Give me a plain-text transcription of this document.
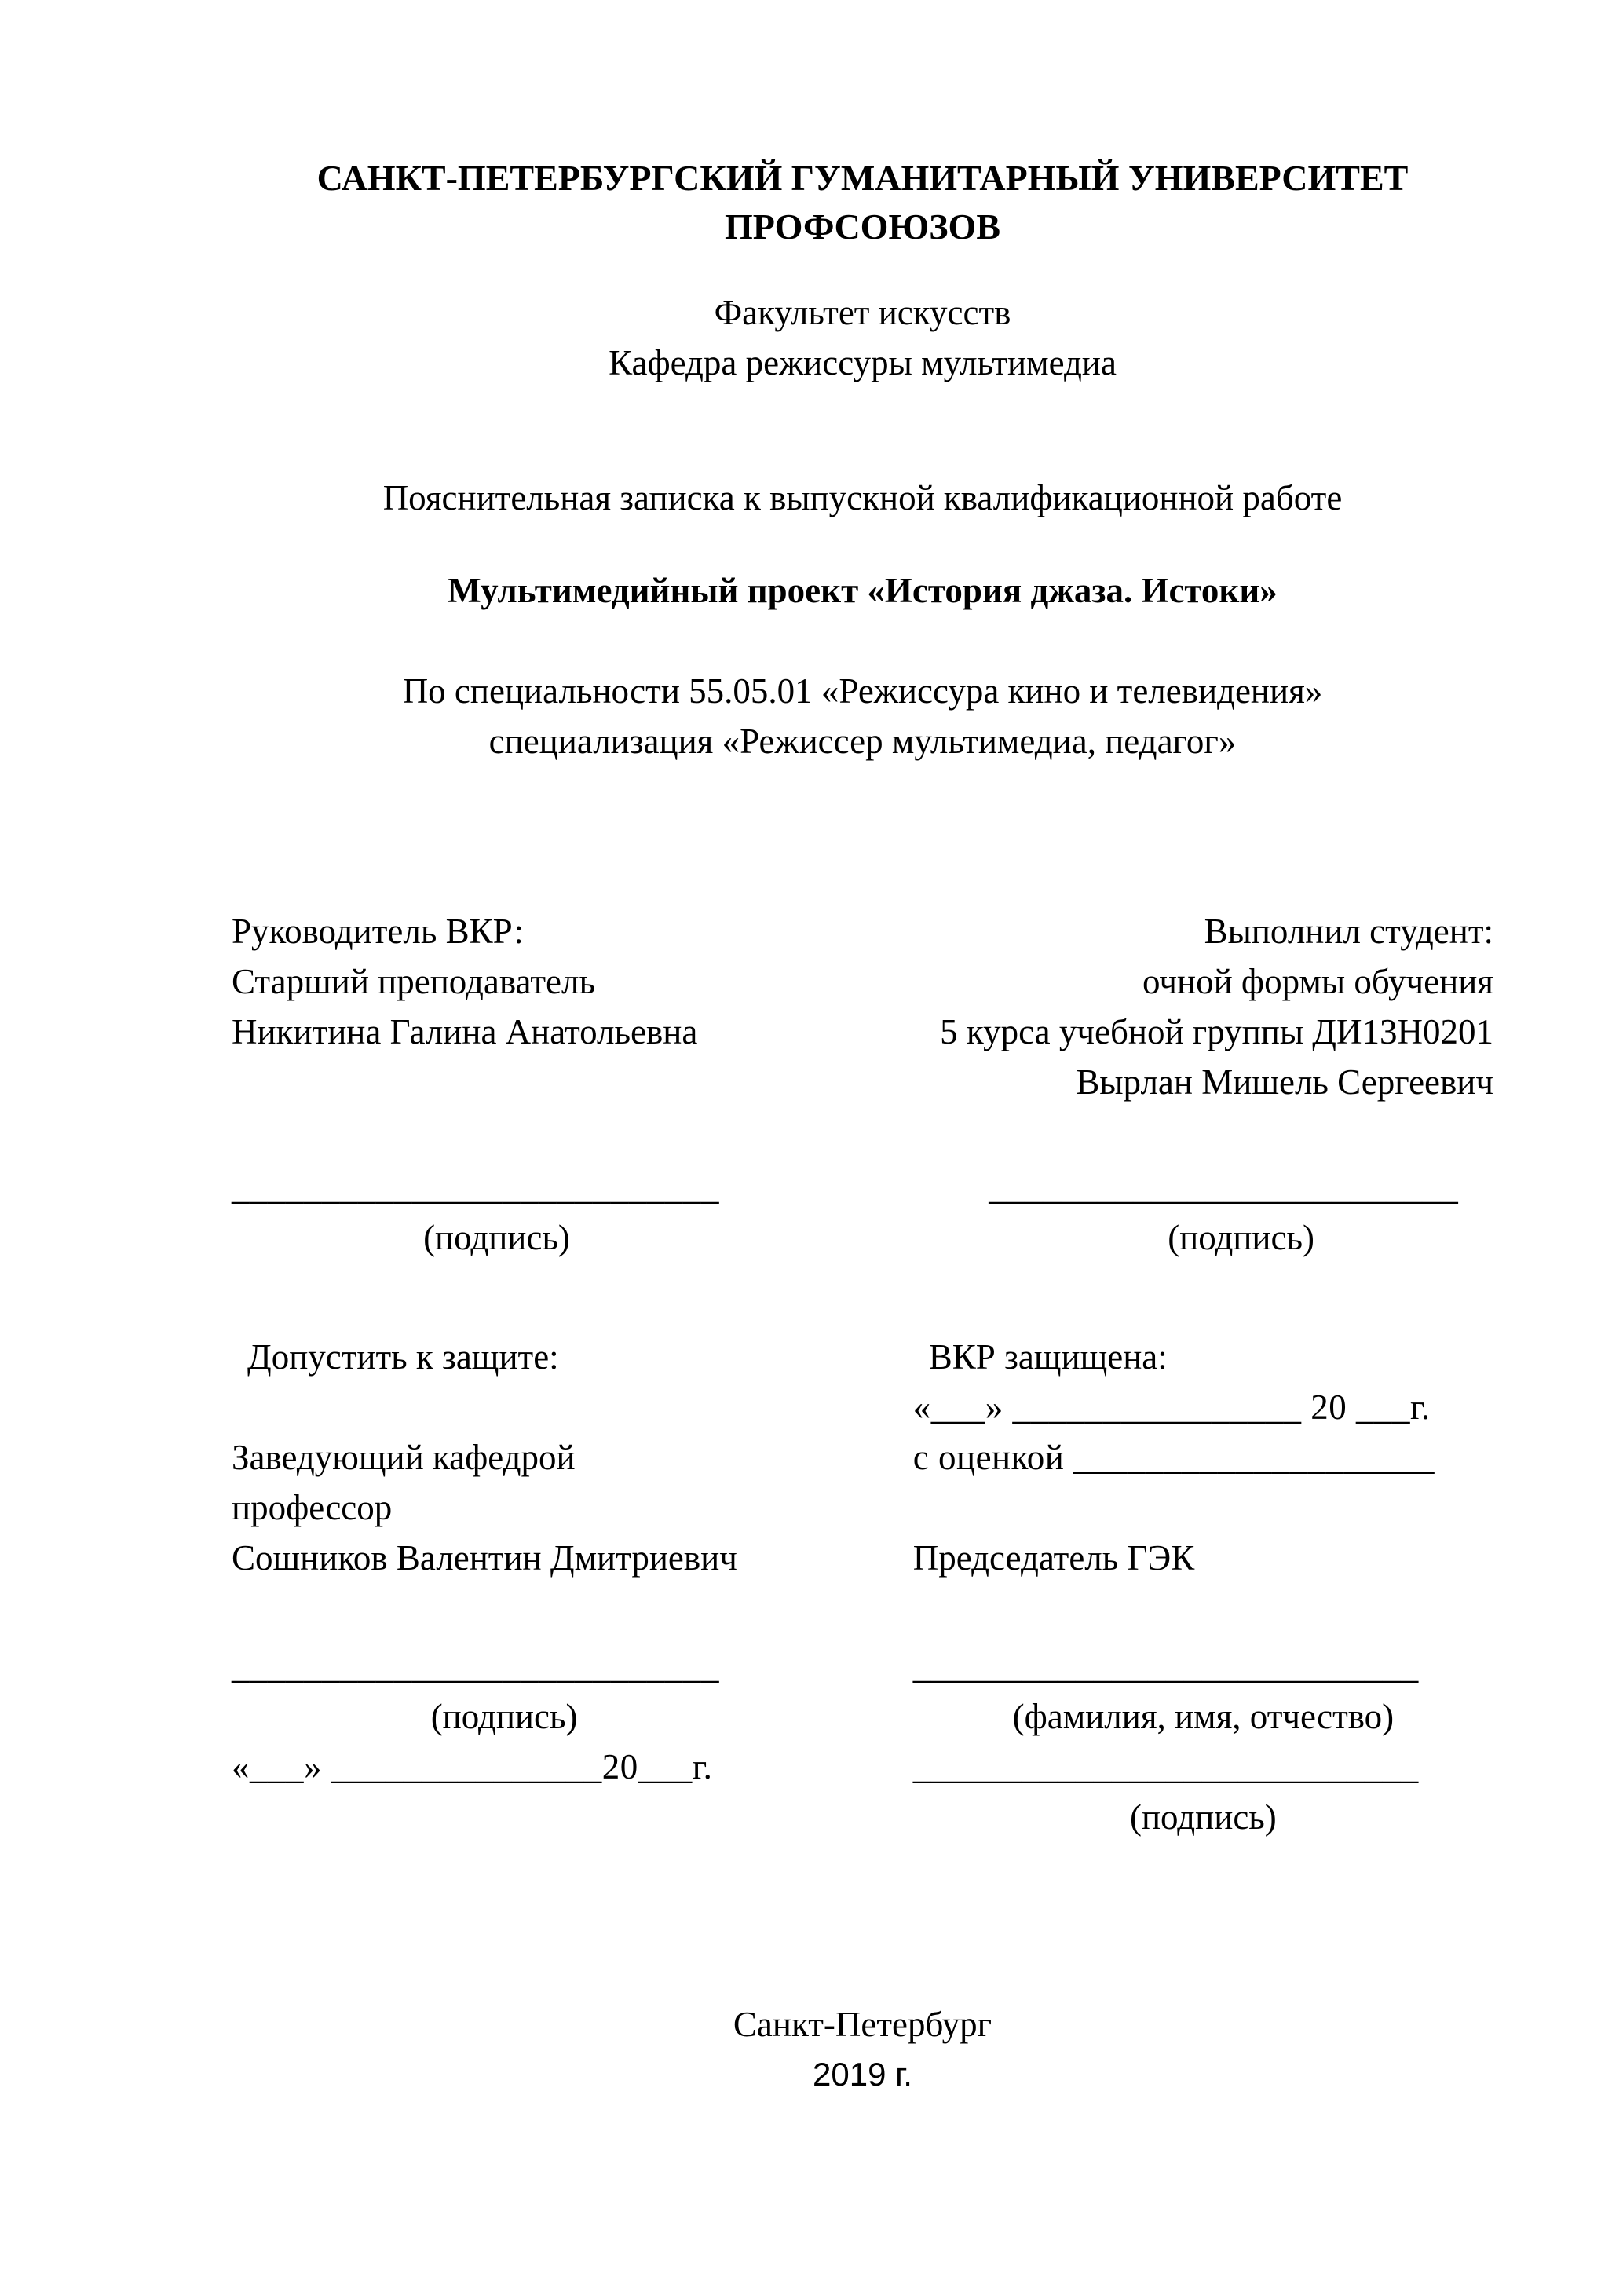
САНКТ-ПЕТЕРБУРГСКИЙ ГУМАНИТАРНЫЙ УНИВЕРСИТЕТ
ПРОФСОЮЗОВ
Факультет искусств
Кафедра режиссуры мультимедиа
Пояснительная записка к выпускной квалификационной работе
Мультимедийный проект «История джаза. Истоки»
По специальности 55.05.01 «Режиссура кино и телевидения»
специализация «Режиссер мультимедиа, педагог»
Руководитель ВКР:
Старший преподаватель
Никитина Галина Анатольевна
Выполнил студент:
очной формы обучения
5 курса учебной группы ДИ13Н0201
Вырлан Мишель Сергеевич
___________________________
(подпись)
__________________________
(подпись)
Допустить к защите:
Заведующий кафедрой
профессор
Сошников Валентин Дмитриевич
ВКР защищена:
«___» ________________ 20 ___г.
с оценкой ____________________
Председатель ГЭК
___________________________
(подпись)
«___» _______________20___г.
____________________________
(фамилия, имя, отчество)
____________________________
(подпись)
Санкт-Петербург
2019 г.
